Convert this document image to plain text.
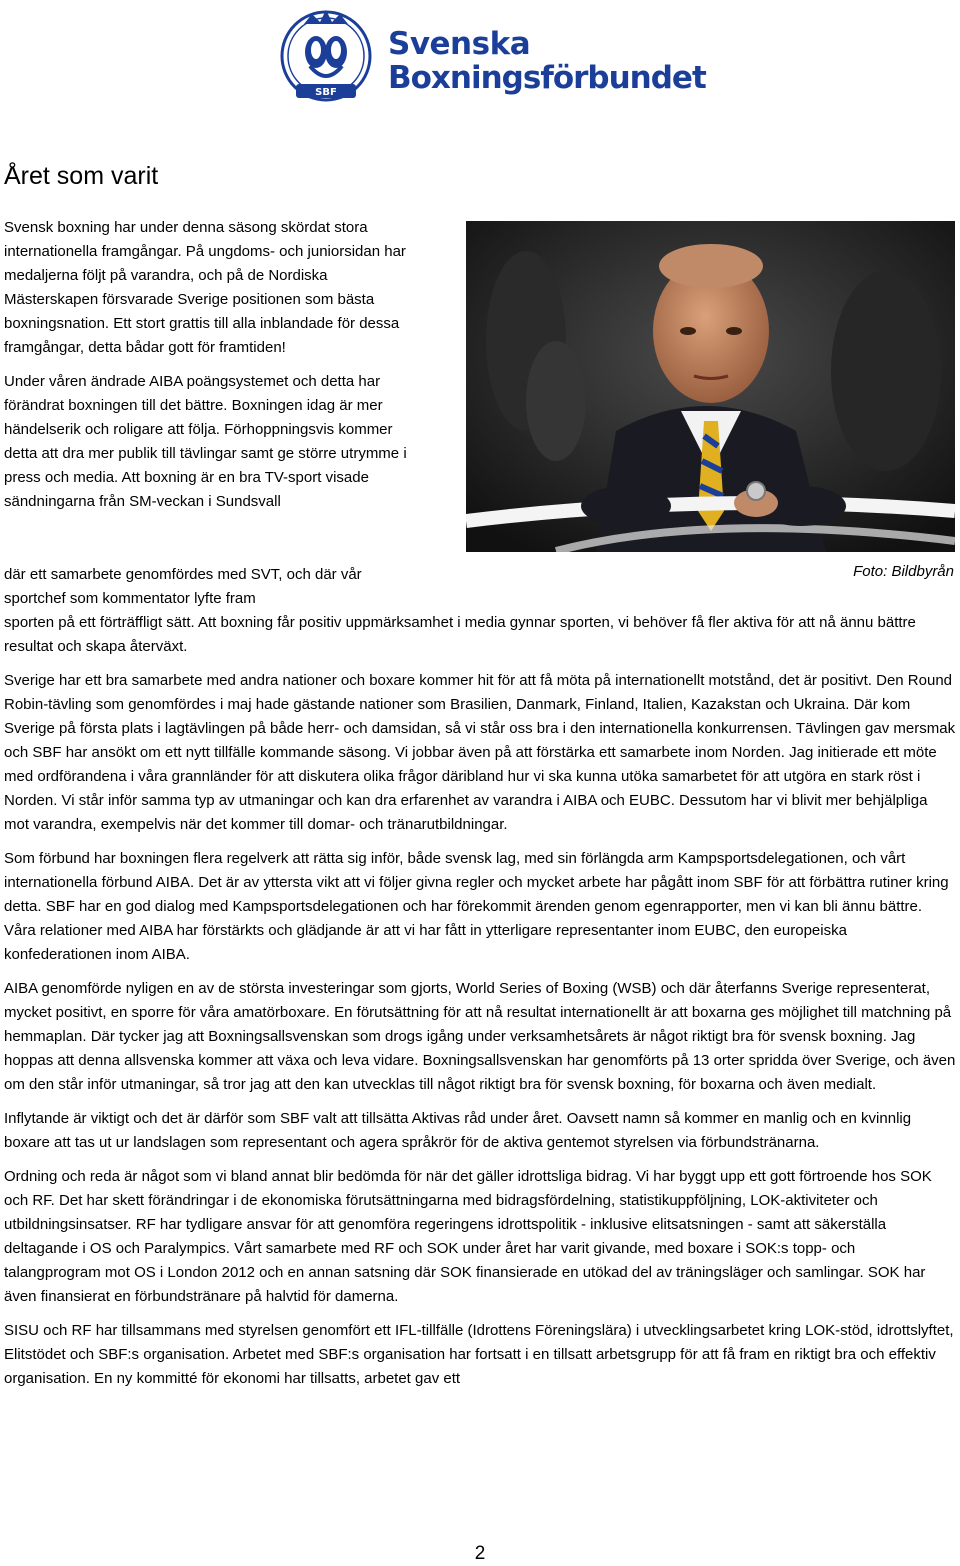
SBF
Svenska
Boxningsförbundet
Året som varit

Svensk boxning har under denna säsong skördat stora internationella framgångar. På ungdoms- och juniorsidan har medaljerna följt på varandra, och på de Nordiska Mästerskapen försvarade Sverige positionen som bästa boxningsnation. Ett stort grattis till alla inblandade för dessa framgångar, detta bådar gott för framtiden!

Under våren ändrade AIBA poängsystemet och detta har förändrat boxningen till det bättre. Boxningen idag är mer händelserik och roligare att följa. Förhoppningsvis kommer detta att dra mer publik till tävlingar samt ge större utrymme i press och media. Att boxning är en bra TV-sport visade sändningarna från SM-veckan i Sundsvall

Foto: Bildbyrån

där ett samarbete genomfördes med SVT, och där vår sportchef som kommentator lyfte fram
sporten på ett förträffligt sätt. Att boxning får positiv uppmärksamhet i media gynnar sporten, vi behöver få fler aktiva för att nå ännu bättre resultat och skapa återväxt.

Sverige har ett bra samarbete med andra nationer och boxare kommer hit för att få möta på internationellt motstånd, det är positivt. Den Round Robin-tävling som genomfördes i maj hade gästande nationer som Brasilien, Danmark, Finland, Italien, Kazakstan och Ukraina. Där kom Sverige på första plats i lagtävlingen på både herr- och damsidan, så vi står oss bra i den internationella konkurrensen. Tävlingen gav mersmak och SBF har ansökt om ett nytt tillfälle kommande säsong. Vi jobbar även på att förstärka ett samarbete inom Norden. Jag initierade ett möte med ordförandena i våra grannländer för att diskutera olika frågor däribland hur vi ska kunna utöka samarbetet för att utgöra en stark röst i Norden. Vi står inför samma typ av utmaningar och kan dra erfarenhet av varandra i AIBA och EUBC. Dessutom har vi blivit mer behjälpliga mot varandra, exempelvis när det kommer till domar- och tränarutbildningar.

Som förbund har boxningen flera regelverk att rätta sig inför, både svensk lag, med sin förlängda arm Kampsportsdelegationen, och vårt internationella förbund AIBA. Det är av yttersta vikt att vi följer givna regler och mycket arbete har pågått inom SBF för att förbättra rutiner kring detta. SBF har en god dialog med Kampsportsdelegationen och har förekommit ärenden genom egenrapporter, men vi kan bli ännu bättre. Våra relationer med AIBA har förstärkts och glädjande är att vi har fått in ytterligare representanter inom EUBC, den europeiska konfederationen inom AIBA.

AIBA genomförde nyligen en av de största investeringar som gjorts, World Series of Boxing (WSB) och där återfanns Sverige representerat, mycket positivt, en sporre för våra amatörboxare. En förutsättning för att nå resultat internationellt är att boxarna ges möjlighet till matchning på hemmaplan. Där tycker jag att Boxningsallsvenskan som drogs igång under verksamhetsårets är något riktigt bra för svensk boxning. Jag hoppas att denna allsvenska kommer att växa och leva vidare. Boxningsallsvenskan har genomförts på 13 orter spridda över Sverige, och även om den står inför utmaningar, så tror jag att den kan utvecklas till något riktigt bra för svensk boxning, för boxarna och även medialt.

Inflytande är viktigt och det är därför som SBF valt att tillsätta Aktivas råd under året. Oavsett namn så kommer en manlig och en kvinnlig boxare att tas ut ur landslagen som representant och agera språkrör för de aktiva gentemot styrelsen via förbundstränarna.

Ordning och reda är något som vi bland annat blir bedömda för när det gäller idrottsliga bidrag. Vi har byggt upp ett gott förtroende hos SOK och RF. Det har skett förändringar i de ekonomiska förutsättningarna med bidragsfördelning, statistikuppföljning, LOK-aktiviteter och utbildningsinsatser. RF har tydligare ansvar för att genomföra regeringens idrottspolitik - inklusive elitsatsningen - samt att säkerställa deltagande i OS och Paralympics. Vårt samarbete med RF och SOK under året har varit givande, med boxare i SOK:s topp- och talangprogram mot OS i London 2012 och en annan satsning där SOK finansierade en utökad del av träningsläger och samlingar. SOK har även finansierat en förbundstränare på halvtid för damerna.

SISU och RF har tillsammans med styrelsen genomfört ett IFL-tillfälle (Idrottens Föreningslära) i utvecklingsarbetet kring LOK-stöd, idrottslyftet, Elitstödet och SBF:s organisation. Arbetet med SBF:s organisation har fortsatt i en tillsatt arbetsgrupp för att få fram en riktigt bra och effektiv organisation. En ny kommitté för ekonomi har tillsatts, arbetet gav ett

2
